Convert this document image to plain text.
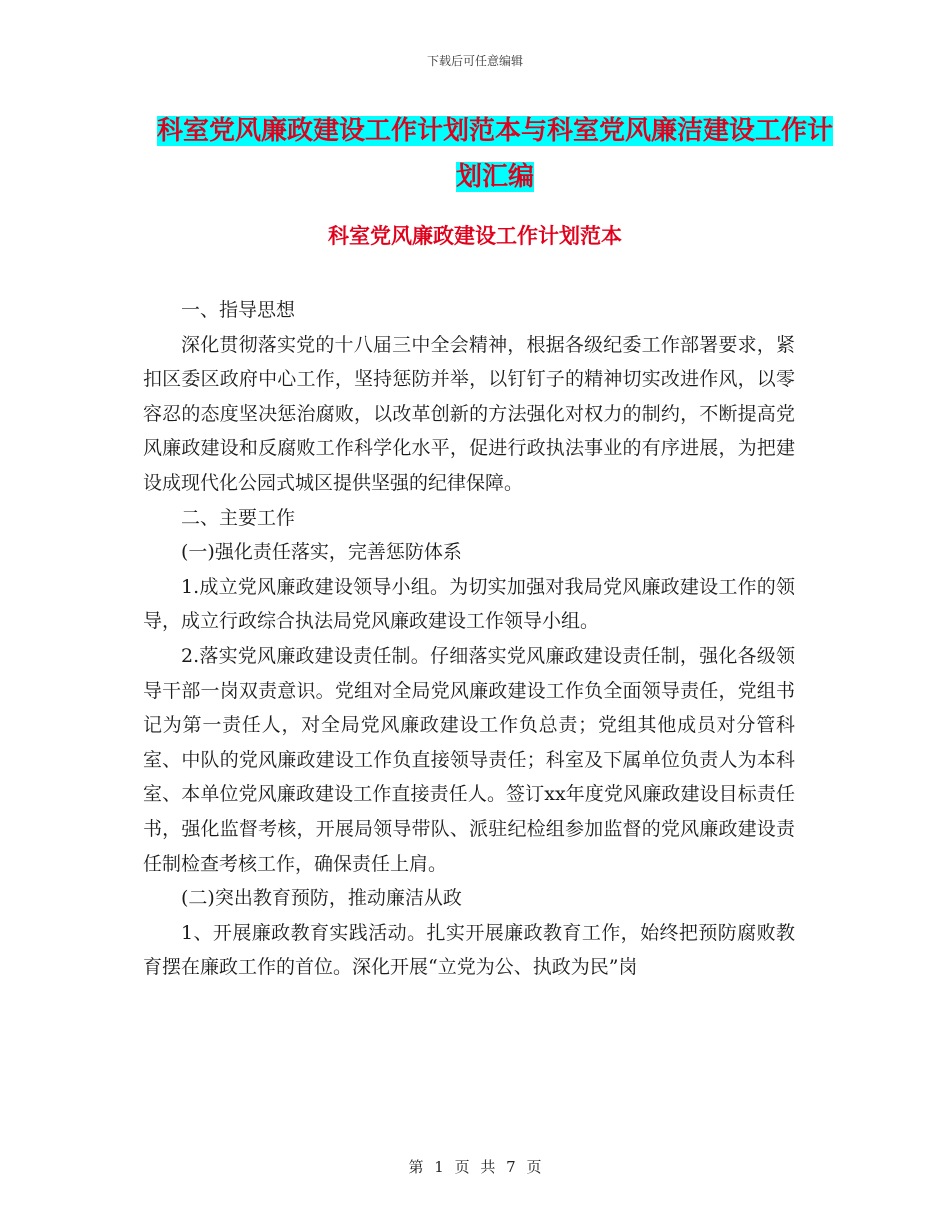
下载后可任意编辑
科室党风廉政建设工作计划范本与科室党风廉洁建设工作计划汇编
科室党风廉政建设工作计划范本

一、指导思想

深化贯彻落实党的十八届三中全会精神，根据各级纪委工作部署要求，紧扣区委区政府中心工作，坚持惩防并举，以钉钉子的精神切实改进作风，以零容忍的态度坚决惩治腐败，以改革创新的方法强化对权力的制约，不断提高党风廉政建设和反腐败工作科学化水平，促进行政执法事业的有序进展，为把建设成现代化公园式城区提供坚强的纪律保障。

二、主要工作

(一)强化责任落实，完善惩防体系

1.成立党风廉政建设领导小组。为切实加强对我局党风廉政建设工作的领导，成立行政综合执法局党风廉政建设工作领导小组。

2.落实党风廉政建设责任制。仔细落实党风廉政建设责任制，强化各级领导干部一岗双责意识。党组对全局党风廉政建设工作负全面领导责任，党组书记为第一责任人，对全局党风廉政建设工作负总责；党组其他成员对分管科室、中队的党风廉政建设工作负直接领导责任；科室及下属单位负责人为本科室、本单位党风廉政建设工作直接责任人。签订xx年度党风廉政建设目标责任书，强化监督考核，开展局领导带队、派驻纪检组参加监督的党风廉政建设责任制检查考核工作，确保责任上肩。

(二)突出教育预防，推动廉洁从政

1、开展廉政教育实践活动。扎实开展廉政教育工作，始终把预防腐败教育摆在廉政工作的首位。深化开展“立党为公、执政为民”岗

第 1 页 共 7 页
